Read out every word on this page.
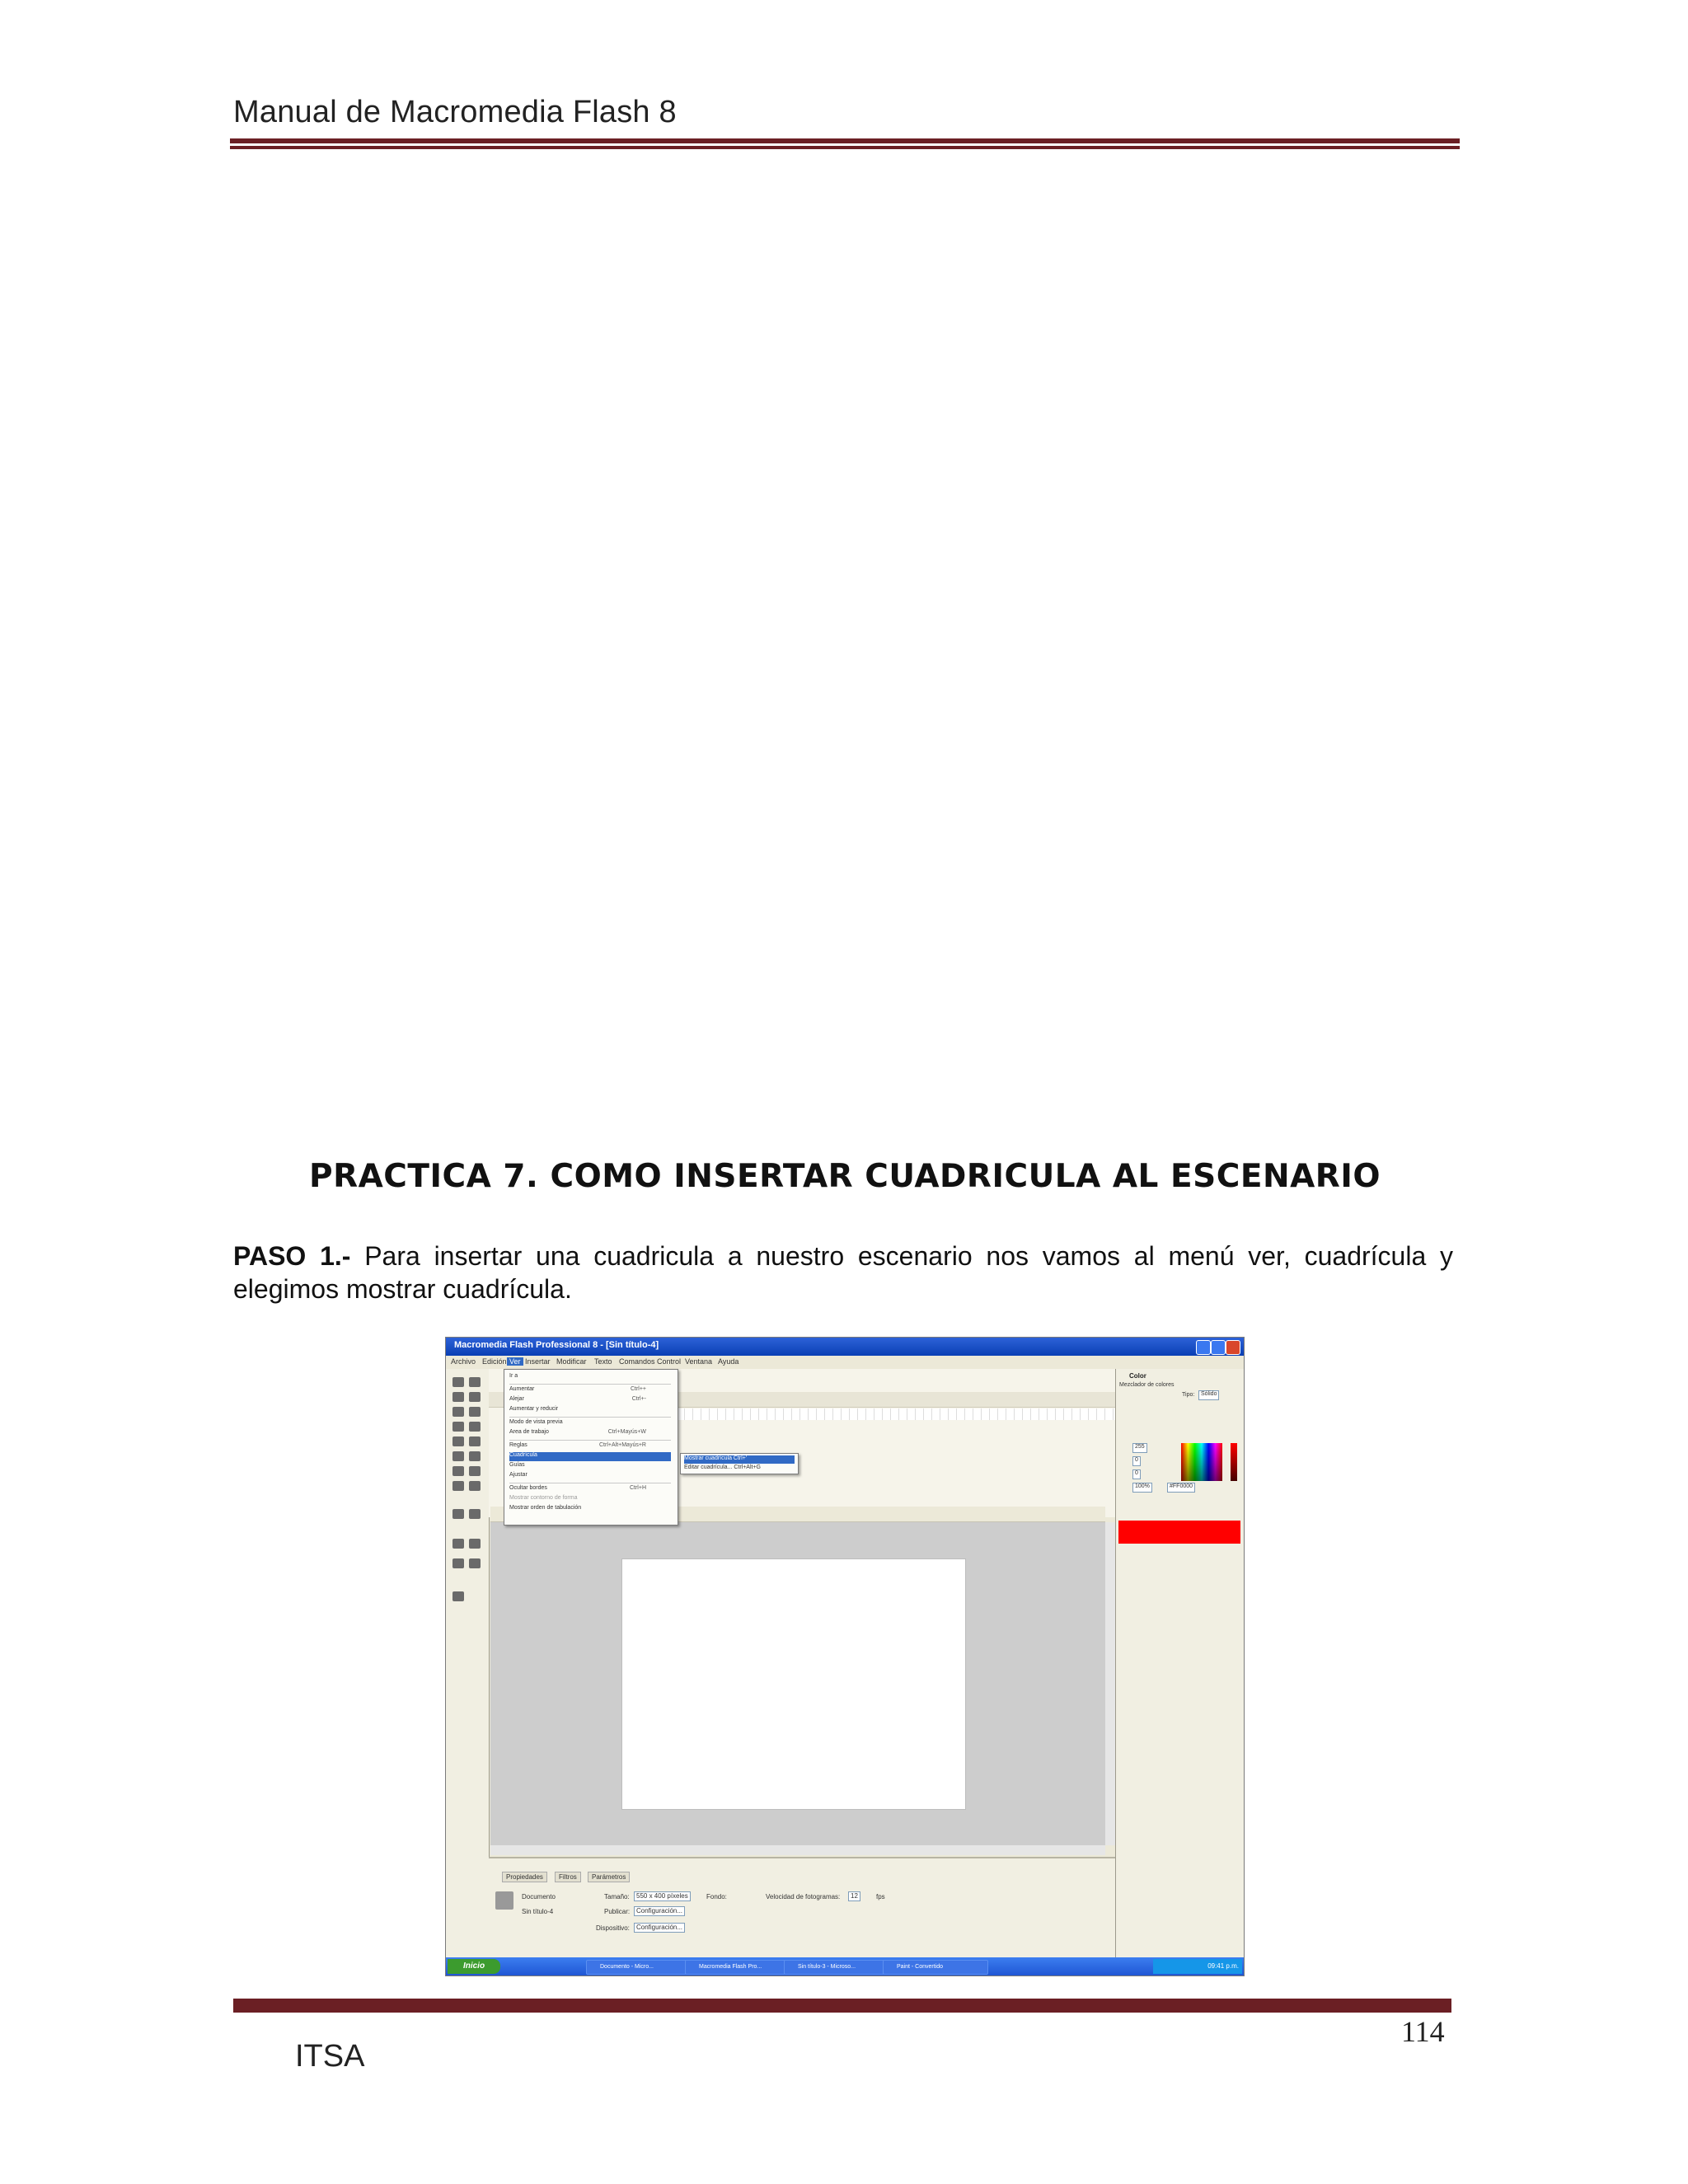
Manual de Macromedia Flash 8
PRACTICA 7. COMO INSERTAR CUADRICULA AL ESCENARIO
PASO 1.- Para insertar una cuadricula a nuestro escenario nos vamos al menú ver, cuadrícula y elegimos mostrar cuadrícula.
Macromedia Flash Professional 8 - [Sin título-4]
Archivo Edición Ver Insertar Modificar Texto Comandos Control Ventana Ayuda
Propiedades	Filtros	Parámetros
Documento
Sin título-4
Tamaño:	550 x 400 píxeles	Fondo:	Velocidad de fotogramas:	12	fps
Publicar: Configuración...
Dispositivo:	Configuración...
Color
Mezclador de colores
Tipo:	Sólido
255
0
0
100%	#FF0000
Ir a
Aumentar	Ctrl++
Alejar	Ctrl+-
Aumentar y reducir
Modo de vista previa
Area de trabajo	Ctrl+Mayús+W
Reglas	Ctrl+Alt+Mayús+R
Cuadrícula
Guías
Ajustar
Ocultar bordes	Ctrl+H
Mostrar contorno de forma
Mostrar orden de tabulación
Mostrar cuadrícula Ctrl+'
Editar cuadrícula... Ctrl+Alt+G
Inicio	Documento - Micro...	Macromedia Flash Pro...	Sin título-3 - Microso...	Paint - Convertido	09:41 p.m.
114
ITSA
